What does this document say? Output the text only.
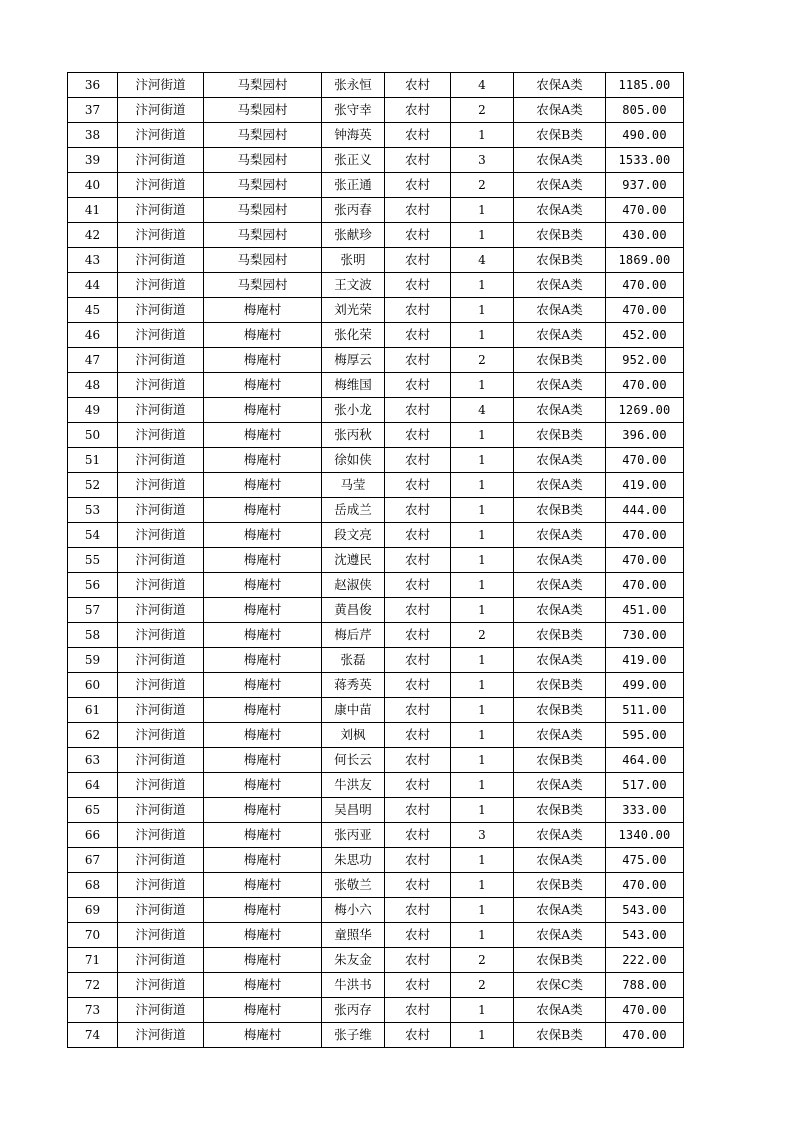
36	汴河街道	马梨园村	张永恒	农村	4	农保A类	1185.00
37	汴河街道	马梨园村	张守幸	农村	2	农保A类	805.00
38	汴河街道	马梨园村	钟海英	农村	1	农保B类	490.00
39	汴河街道	马梨园村	张正义	农村	3	农保A类	1533.00
40	汴河街道	马梨园村	张正通	农村	2	农保A类	937.00
41	汴河街道	马梨园村	张丙春	农村	1	农保A类	470.00
42	汴河街道	马梨园村	张献珍	农村	1	农保B类	430.00
43	汴河街道	马梨园村	张明	农村	4	农保B类	1869.00
44	汴河街道	马梨园村	王文波	农村	1	农保A类	470.00
45	汴河街道	梅庵村	刘光荣	农村	1	农保A类	470.00
46	汴河街道	梅庵村	张化荣	农村	1	农保A类	452.00
47	汴河街道	梅庵村	梅厚云	农村	2	农保B类	952.00
48	汴河街道	梅庵村	梅维国	农村	1	农保A类	470.00
49	汴河街道	梅庵村	张小龙	农村	4	农保A类	1269.00
50	汴河街道	梅庵村	张丙秋	农村	1	农保B类	396.00
51	汴河街道	梅庵村	徐如侠	农村	1	农保A类	470.00
52	汴河街道	梅庵村	马莹	农村	1	农保A类	419.00
53	汴河街道	梅庵村	岳成兰	农村	1	农保B类	444.00
54	汴河街道	梅庵村	段文亮	农村	1	农保A类	470.00
55	汴河街道	梅庵村	沈遵民	农村	1	农保A类	470.00
56	汴河街道	梅庵村	赵淑侠	农村	1	农保A类	470.00
57	汴河街道	梅庵村	黄昌俊	农村	1	农保A类	451.00
58	汴河街道	梅庵村	梅后芹	农村	2	农保B类	730.00
59	汴河街道	梅庵村	张磊	农村	1	农保A类	419.00
60	汴河街道	梅庵村	蒋秀英	农村	1	农保B类	499.00
61	汴河街道	梅庵村	康中苗	农村	1	农保B类	511.00
62	汴河街道	梅庵村	刘枫	农村	1	农保A类	595.00
63	汴河街道	梅庵村	何长云	农村	1	农保B类	464.00
64	汴河街道	梅庵村	牛洪友	农村	1	农保A类	517.00
65	汴河街道	梅庵村	吴昌明	农村	1	农保B类	333.00
66	汴河街道	梅庵村	张丙亚	农村	3	农保A类	1340.00
67	汴河街道	梅庵村	朱思功	农村	1	农保A类	475.00
68	汴河街道	梅庵村	张敬兰	农村	1	农保B类	470.00
69	汴河街道	梅庵村	梅小六	农村	1	农保A类	543.00
70	汴河街道	梅庵村	童照华	农村	1	农保A类	543.00
71	汴河街道	梅庵村	朱友金	农村	2	农保B类	222.00
72	汴河街道	梅庵村	牛洪书	农村	2	农保C类	788.00
73	汴河街道	梅庵村	张丙存	农村	1	农保A类	470.00
74	汴河街道	梅庵村	张子维	农村	1	农保B类	470.00
